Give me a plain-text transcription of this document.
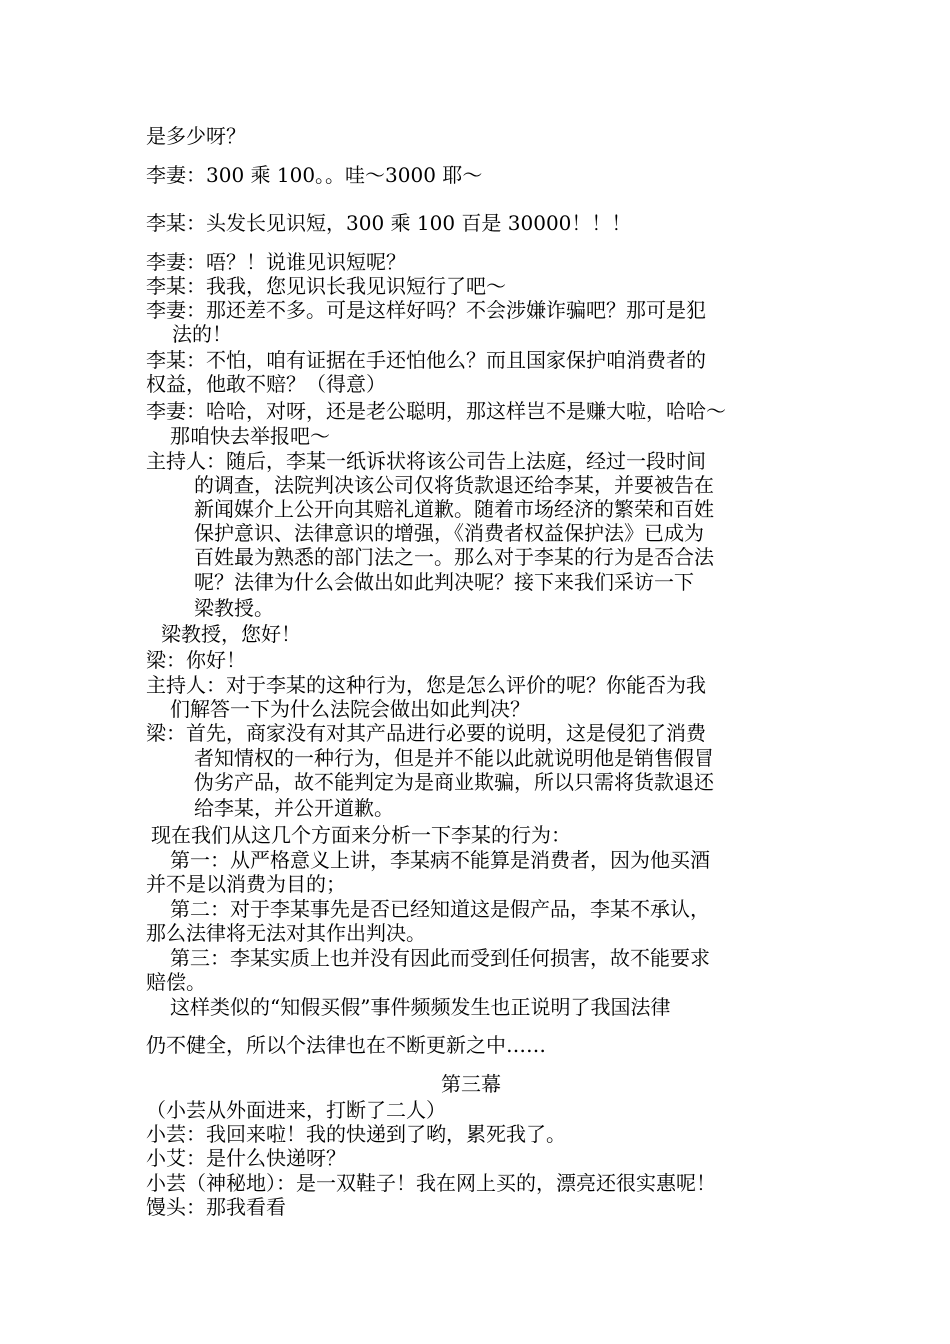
是多少呀？
李妻：300 乘 100。。哇～3000 耶～
李某：头发长见识短，300 乘 100 百是 30000！！！
李妻：唔？！说谁见识短呢？
李某：我我，您见识长我见识短行了吧～
李妻：那还差不多。可是这样好吗？不会涉嫌诈骗吧？那可是犯
法的！
李某：不怕，咱有证据在手还怕他么？而且国家保护咱消费者的
权益，他敢不赔？（得意）
李妻：哈哈，对呀，还是老公聪明，那这样岂不是赚大啦，哈哈～
那咱快去举报吧～
主持人：随后，李某一纸诉状将该公司告上法庭，经过一段时间
的调查，法院判决该公司仅将货款退还给李某，并要被告在
新闻媒介上公开向其赔礼道歉。随着市场经济的繁荣和百姓
保护意识、法律意识的增强，《消费者权益保护法》已成为
百姓最为熟悉的部门法之一。那么对于李某的行为是否合法
呢？法律为什么会做出如此判决呢？接下来我们采访一下
梁教授。
梁教授，您好！
梁：你好！
主持人：对于李某的这种行为，您是怎么评价的呢？你能否为我
们解答一下为什么法院会做出如此判决？
梁：首先，商家没有对其产品进行必要的说明，这是侵犯了消费
者知情权的一种行为，但是并不能以此就说明他是销售假冒
伪劣产品，故不能判定为是商业欺骗，所以只需将货款退还
给李某，并公开道歉。
现在我们从这几个方面来分析一下李某的行为：
第一：从严格意义上讲，李某病不能算是消费者，因为他买酒
并不是以消费为目的；
第二：对于李某事先是否已经知道这是假产品，李某不承认，
那么法律将无法对其作出判决。
第三：李某实质上也并没有因此而受到任何损害，故不能要求
赔偿。
这样类似的“知假买假”事件频频发生也正说明了我国法律
仍不健全，所以个法律也在不断更新之中……
第三幕
（小芸从外面进来，打断了二人）
小芸：我回来啦！我的快递到了哟，累死我了。
小艾：是什么快递呀？
小芸（神秘地）：是一双鞋子！我在网上买的，漂亮还很实惠呢！
馒头：那我看看
